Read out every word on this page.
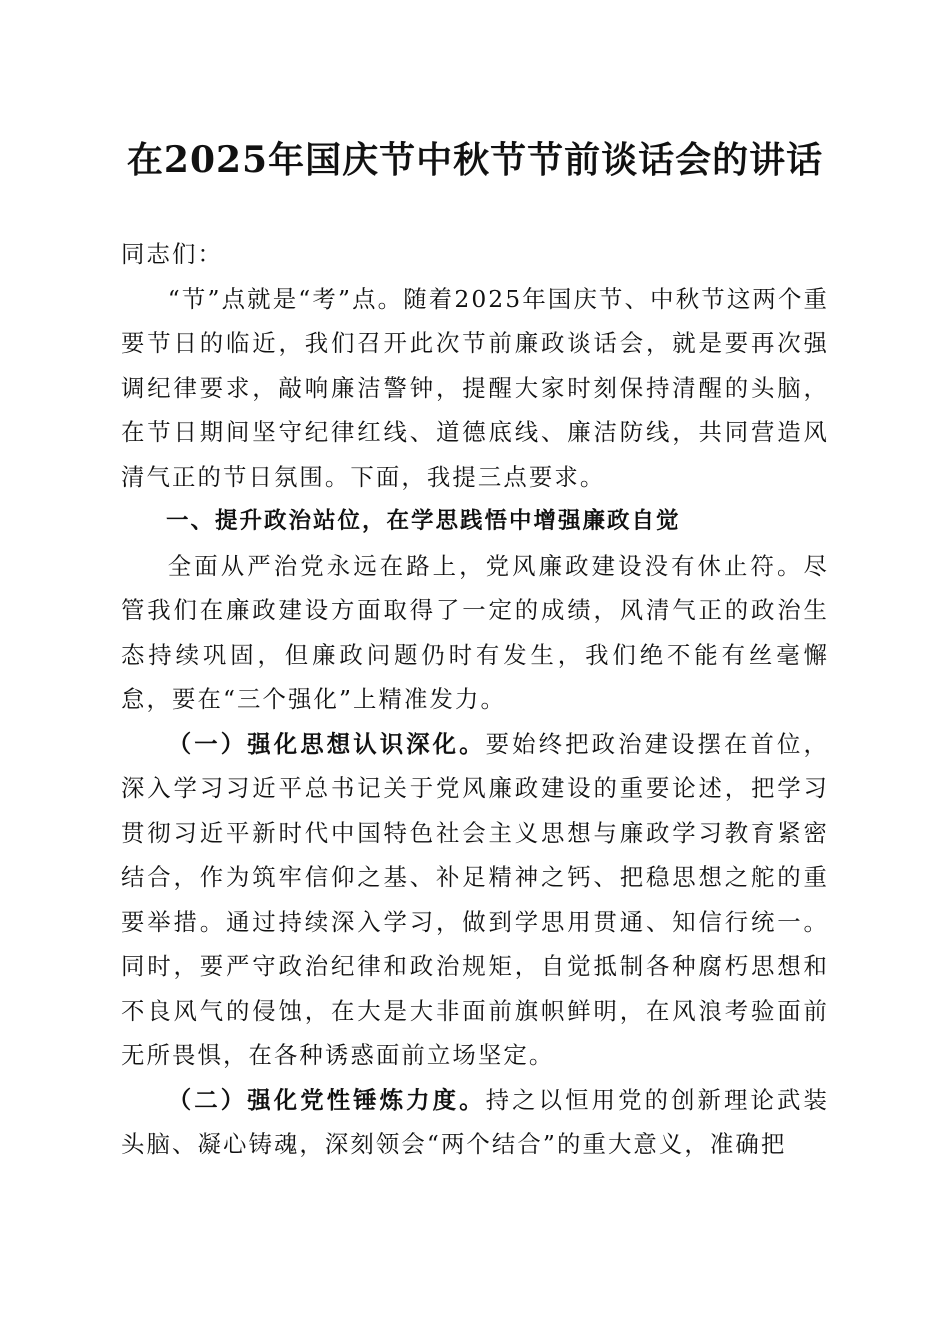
在2025年国庆节中秋节节前谈话会的讲话

同志们：

“节”点就是“考”点。随着2025年国庆节、中秋节这两个重要节日的临近，我们召开此次节前廉政谈话会，就是要再次强调纪律要求，敲响廉洁警钟，提醒大家时刻保持清醒的头脑，在节日期间坚守纪律红线、道德底线、廉洁防线，共同营造风清气正的节日氛围。下面，我提三点要求。

一、提升政治站位，在学思践悟中增强廉政自觉

全面从严治党永远在路上，党风廉政建设没有休止符。尽管我们在廉政建设方面取得了一定的成绩，风清气正的政治生态持续巩固，但廉政问题仍时有发生，我们绝不能有丝毫懈怠，要在“三个强化”上精准发力。

（一）强化思想认识深化。要始终把政治建设摆在首位，深入学习习近平总书记关于党风廉政建设的重要论述，把学习贯彻习近平新时代中国特色社会主义思想与廉政学习教育紧密结合，作为筑牢信仰之基、补足精神之钙、把稳思想之舵的重要举措。通过持续深入学习，做到学思用贯通、知信行统一。同时，要严守政治纪律和政治规矩，自觉抵制各种腐朽思想和不良风气的侵蚀，在大是大非面前旗帜鲜明，在风浪考验面前无所畏惧，在各种诱惑面前立场坚定。

（二）强化党性锤炼力度。持之以恒用党的创新理论武装头脑、凝心铸魂，深刻领会“两个结合”的重大意义，准确把
